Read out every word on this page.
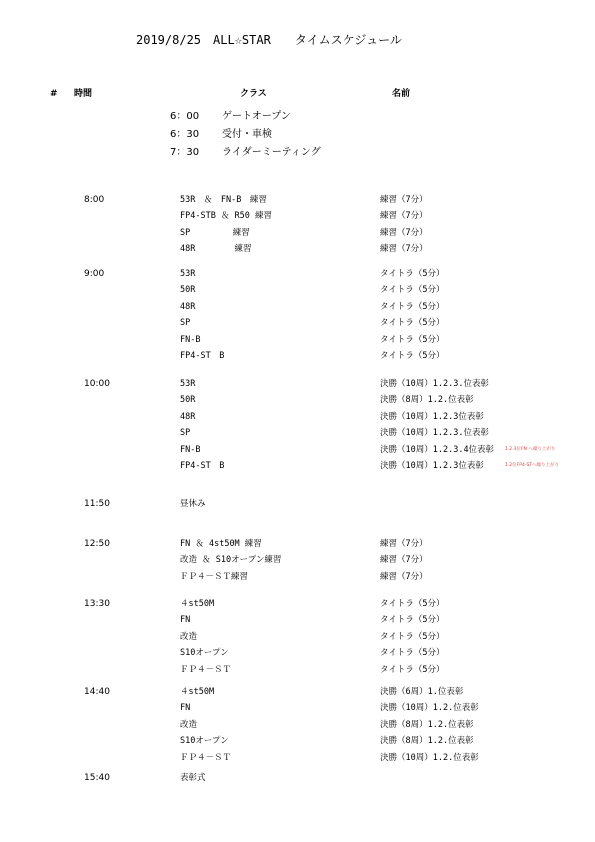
2019/8/25　ALL☆STAR　　タイムスケジュール
# 時間	クラス	名前
6：00 ゲートオープン
6：30 受付・車検
7：30 ライダーミーティング
8:00	53R　＆　FN-B　練習	練習（7分）
FP4-STB ＆ R50 練習	練習（7分）
SP　　　　　練習	練習（7分）
48R　　　　 練習	練習（7分）
9:00	53R	タイトラ（5分）
50R	タイトラ（5分）
48R	タイトラ（5分）
SP	タイトラ（5分）
FN-B	タイトラ（5分）
FP4-ST　B	タイトラ（5分）
10:00	53R	決勝（10周）1.2.3.位表彰
50R	決勝（8周）1.2.位表彰
48R	決勝（10周）1.2.3位表彰
SP	決勝（10周）1.2.3.位表彰
FN-B	決勝（10周）1.2.3.4位表彰 1.2.3位FN へ繰り上がり
FP4-ST　B	決勝（10周）1.2.3位表彰	1.2位FP4-STへ繰り上がり
11:50	昼休み
12:50	FN ＆ 4st50M 練習	練習（7分）
改造 ＆ S10オープン練習	練習（7分）
ＦＰ４－ＳＴ練習	練習（7分）
13:30	４st50M	タイトラ（5分）
FN	タイトラ（5分）
改造	タイトラ（5分）
S10オープン	タイトラ（5分）
ＦＰ４－ＳＴ	タイトラ（5分）
14:40	４st50M	決勝（6周）1.位表彰
FN	決勝（10周）1.2.位表彰
改造	決勝（8周）1.2.位表彰
S10オープン	決勝（8周）1.2.位表彰
ＦＰ４－ＳＴ	決勝（10周）1.2.位表彰
15:40	表彰式
